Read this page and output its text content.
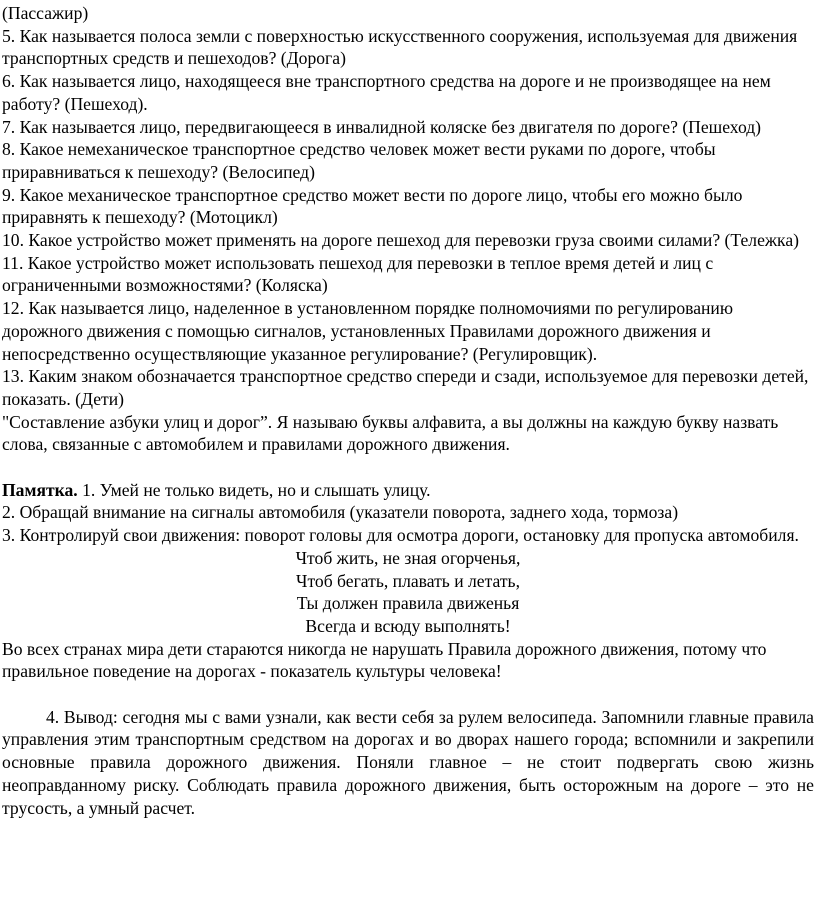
(Пассажир)

5. Как называется полоса земли с поверхностью искусственного сооружения, используемая для движения транспортных средств и пешеходов? (Дорога)

6. Как называется лицо, находящееся вне транспортного средства на дороге и не производящее на нем работу? (Пешеход).

7. Как называется лицо, передвигающееся в инвалидной коляске без двигателя по дороге? (Пешеход)

8. Какое немеханическое транспортное средство человек может вести руками по дороге, чтобы приравниваться к пешеходу? (Велосипед)

9. Какое механическое транспортное средство может вести по дороге лицо, чтобы его можно было приравнять к пешеходу? (Мотоцикл)

10. Какое устройство может применять на дороге пешеход для перевозки груза своими силами? (Тележка)

11. Какое устройство может использовать пешеход для перевозки в теплое время детей и лиц с ограниченными возможностями? (Коляска)

12. Как называется лицо, наделенное в установленном порядке полномочиями по регулированию дорожного движения с помощью сигналов, установленных Правилами дорожного движения и непосредственно осуществляющие указанное регулирование? (Регулировщик).

13. Каким знаком обозначается транспортное средство спереди и сзади, используемое для перевозки детей, показать. (Дети)

"Составление азбуки улиц и дорог”. Я называю буквы алфавита, а вы должны на каждую букву назвать слова, связанные с автомобилем и правилами дорожного движения.

Памятка. 1. Умей не только видеть, но и слышать улицу.

2. Обращай внимание на сигналы автомобиля (указатели поворота, заднего хода, тормоза)

3. Контролируй свои движения: поворот головы для осмотра дороги, остановку для пропуска автомобиля.

Чтоб жить, не зная огорченья,
Чтоб бегать, плавать и летать,
Ты должен правила движенья
Всегда и всюду выполнять!

Во всех странах мира дети стараются никогда не нарушать Правила дорожного движения, потому что правильное поведение на дорогах - показатель культуры человека!

4. Вывод: сегодня мы с вами узнали, как вести себя за рулем велосипеда. Запомнили главные правила управления этим транспортным средством на дорогах и во дворах нашего города; вспомнили и закрепили основные правила дорожного движения. Поняли главное – не стоит подвергать свою жизнь неоправданному риску. Соблюдать правила дорожного движения, быть осторожным на дороге – это не трусость, а умный расчет.
